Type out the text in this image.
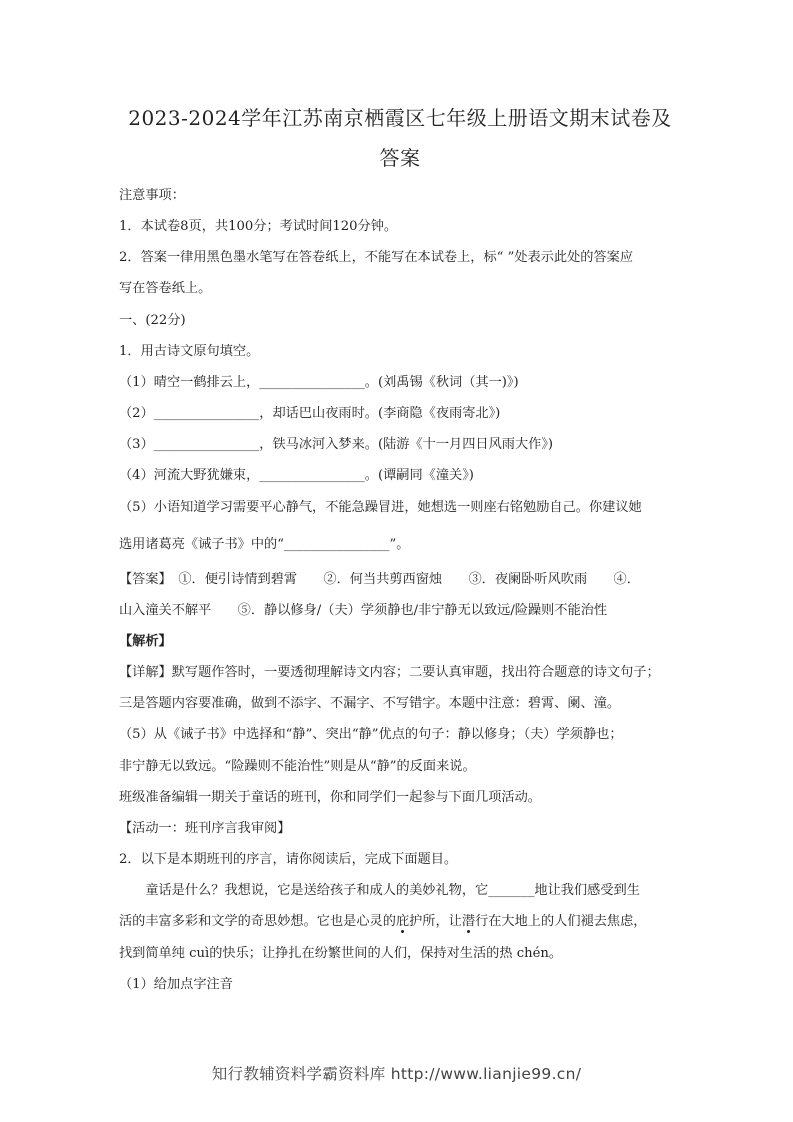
2023-2024学年江苏南京栖霞区七年级上册语文期末试卷及
答案
注意事项：
1．本试卷8页，共100分；考试时间120分钟。
2．答案一律用黑色墨水笔写在答卷纸上，不能写在本试卷上，标“ ”处表示此处的答案应
写在答卷纸上。
一、(22分)
1．用古诗文原句填空。
（1）晴空一鹤排云上，________________。(刘禹锡《秋词（其一)》)
（2）________________，却话巴山夜雨时。(李商隐《夜雨寄北》)
（3）________________，铁马冰河入梦来。(陆游《十一月四日风雨大作》)
（4）河流大野犹嫌束，________________。(谭嗣同《潼关》)
（5）小语知道学习需要平心静气，不能急躁冒进，她想选一则座右铭勉励自己。你建议她
选用诸葛亮《诫子书》中的“________________”。
【答案】　①．便引诗情到碧霄　　②．何当共剪西窗烛　　③．夜阑卧听风吹雨　　④．
山入潼关不解平　　⑤．静以修身/（夫）学须静也/非宁静无以致远/险躁则不能治性
【解析】
【详解】默写题作答时，一要透彻理解诗文内容；二要认真审题，找出符合题意的诗文句子；
三是答题内容要准确，做到不添字、不漏字、不写错字。本题中注意：碧霄、阑、潼。
（5）从《诫子书》中选择和“静”、突出“静”优点的句子：静以修身；（夫）学须静也；
非宁静无以致远。“险躁则不能治性”则是从“静”的反面来说。
班级准备编辑一期关于童话的班刊，你和同学们一起参与下面几项活动。
【活动一：班刊序言我审阅】
2．以下是本期班刊的序言，请你阅读后，完成下面题目。
　　童话是什么？我想说，它是送给孩子和成人的美妙礼物，它_______地让我们感受到生
活的丰富多彩和文学的奇思妙想。它也是心灵的庇护所，让潜行在大地上的人们褪去焦虑，
找到简单纯 cuì的快乐；让挣扎在纷繁世间的人们，保持对生活的热 chén。
（1）给加点字注音
知行教辅资料学霸资料库 http://www.lianjie99.cn/
